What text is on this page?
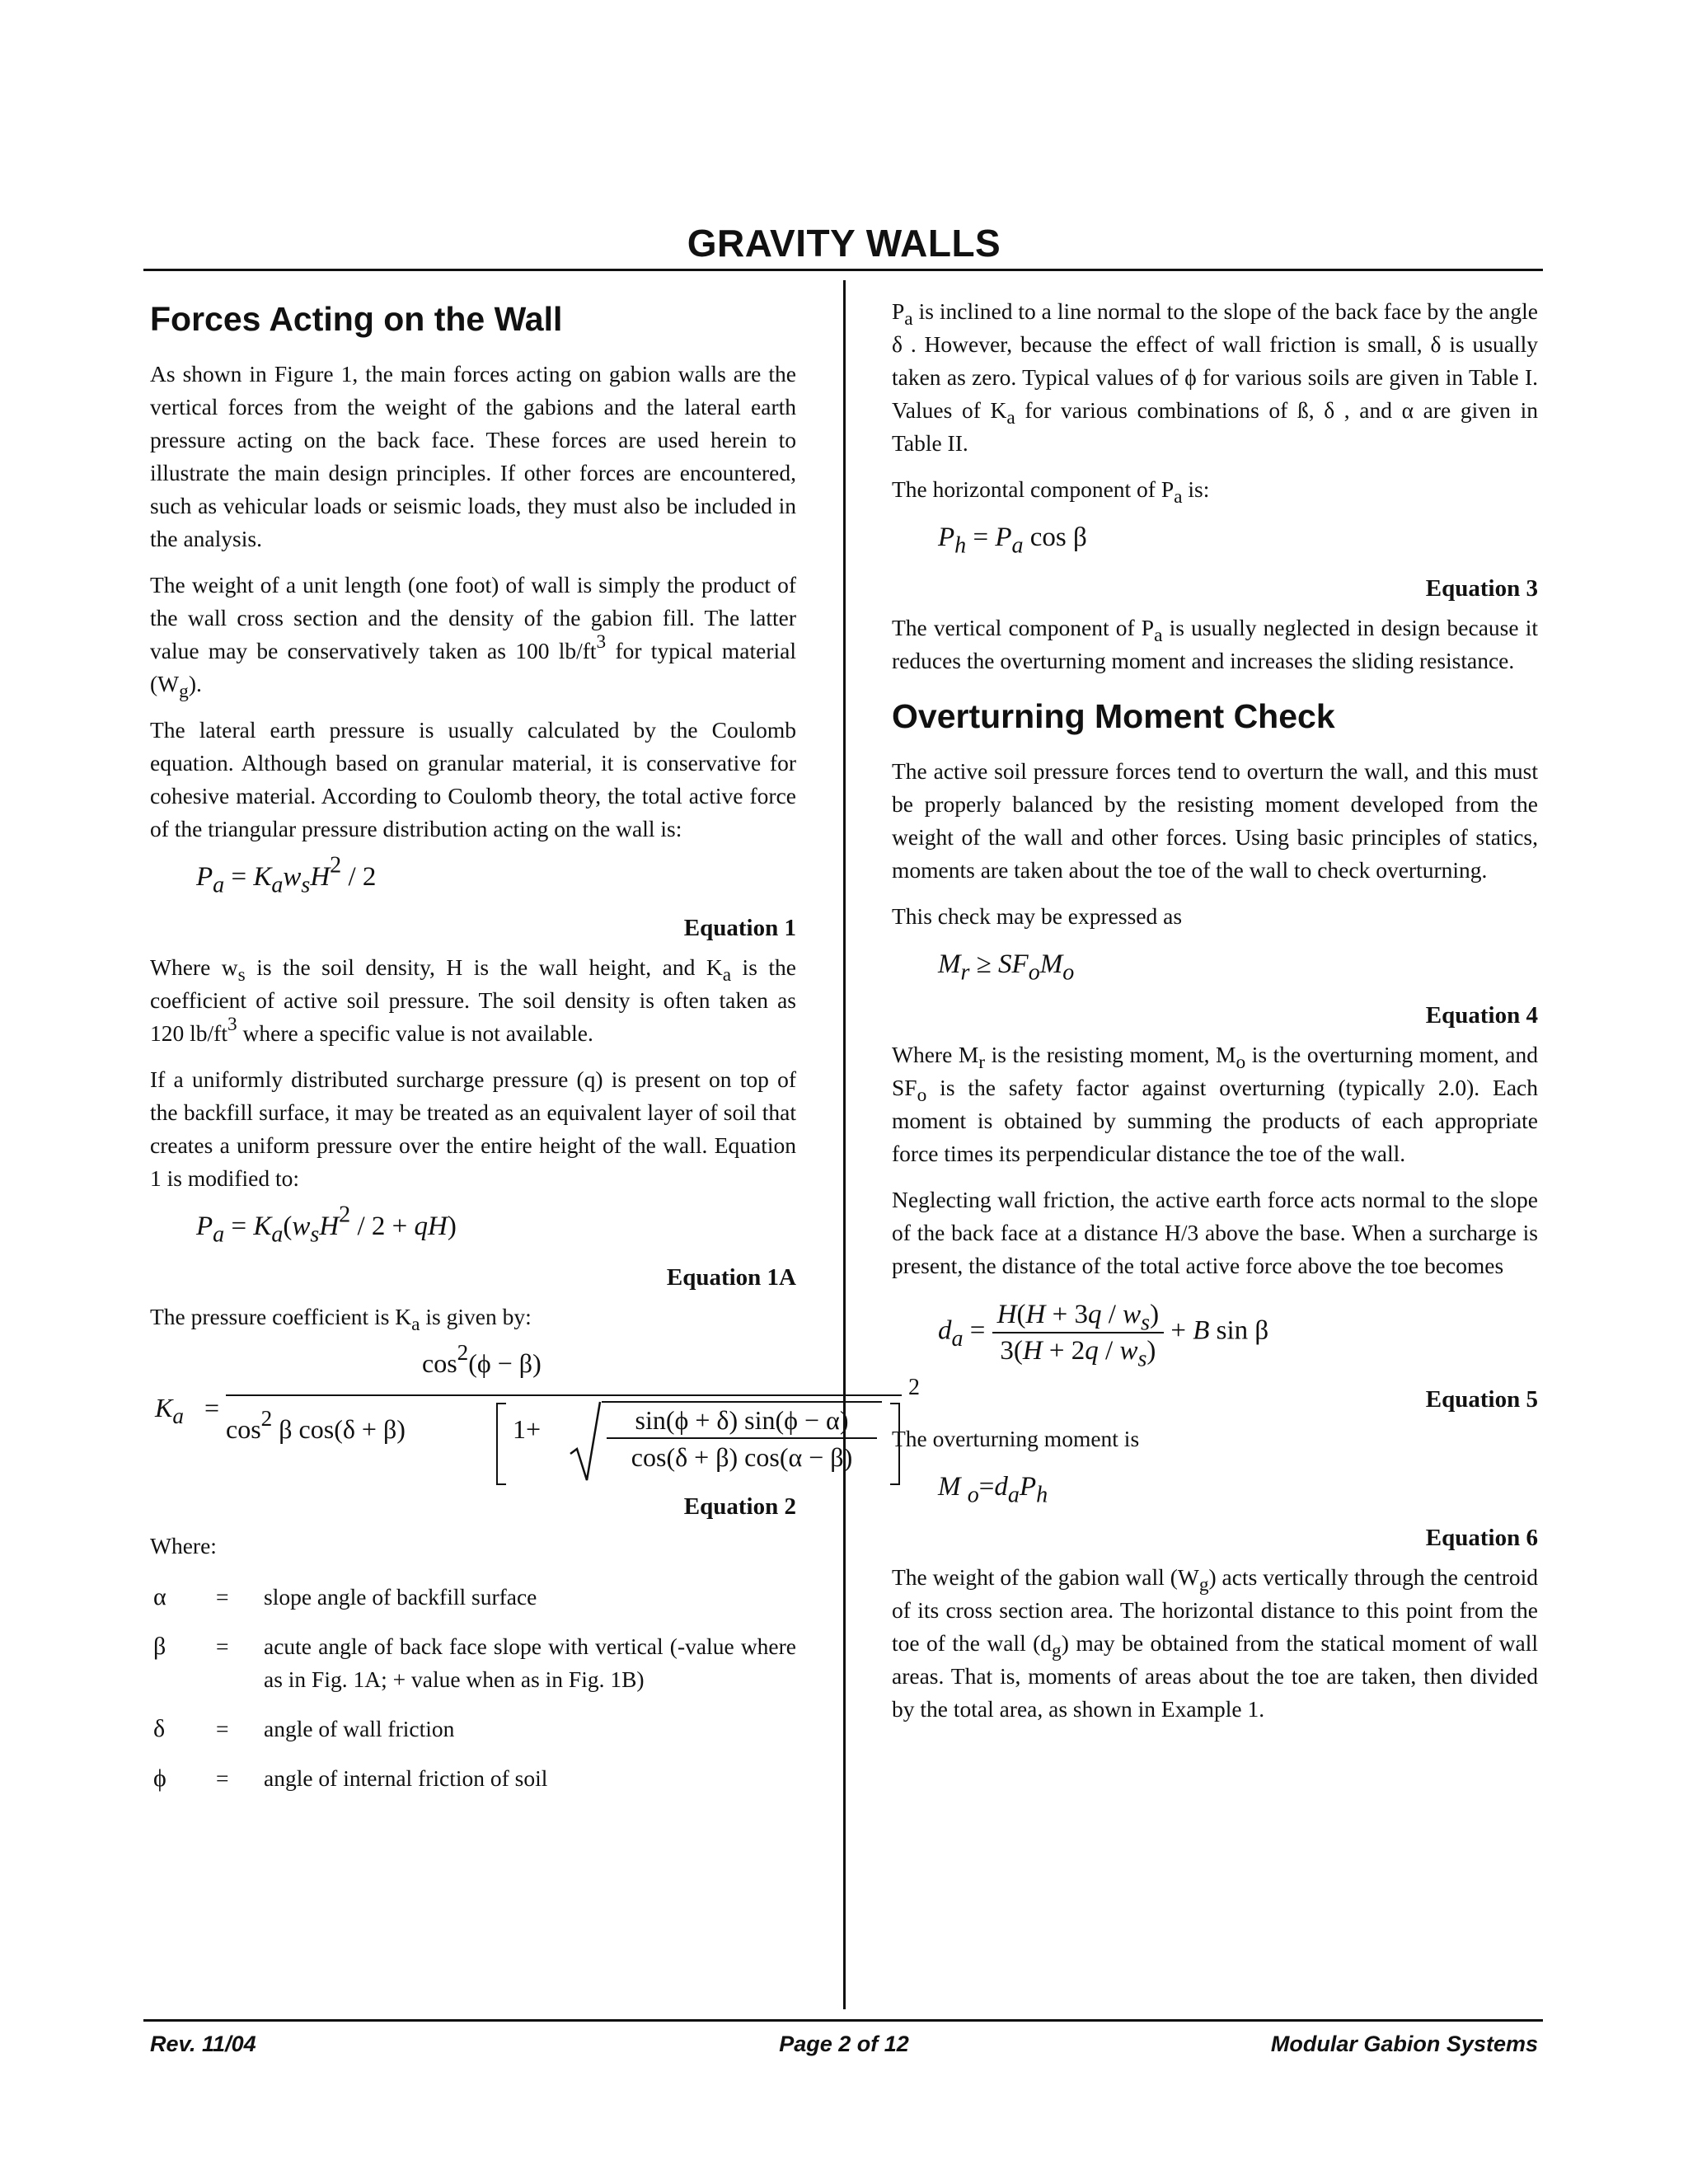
GRAVITY WALLS
Forces Acting on the Wall

As shown in Figure 1, the main forces acting on gabion walls are the vertical forces from the weight of the gabions and the lateral earth pressure acting on the back face. These forces are used herein to illustrate the main design principles. If other forces are encountered, such as vehicular loads or seismic loads, they must also be included in the analysis.

The weight of a unit length (one foot) of wall is simply the product of the wall cross section and the density of the gabion fill. The latter value may be conservatively taken as 100 $lb/ft^3$ for typical material $(W_g)$.

The lateral earth pressure is usually calculated by the Coulomb equation. Although based on granular material, it is conservative for cohesive material. According to Coulomb theory, the total active force of the triangular pressure distribution acting on the wall is:

$P_a = K_aw_sH^2 / 2$
Equation 1

Where $w_s$ is the soil density, H is the wall height, and $K_a$ is the coefficient of active soil pressure. The soil density is often taken as 120 $lb/ft^3$ where a specific value is not available.

If a uniformly distributed surcharge pressure (q) is present on top of the backfill surface, it may be treated as an equivalent layer of soil that creates a uniform pressure over the entire height of the wall. Equation 1 is modified to:

$P_a = K_a(w_sH^2 / 2 + qH)$
Equation 1A

The pressure coefficient is $K_a$ is given by:

$K_a$ =
$\cos^2(\phi - \beta)$
2
$\cos^2 \beta$ cos(δ + β)	1+	sin(ϕ + δ) sin(ϕ − α)
cos(δ + β) cos(α − β)
Equation 2

Where:

α = slope angle of backfill surface
β = acute angle of back face slope with vertical (-value where as in Fig. 1A; + value when as in Fig. 1B)
δ = angle of wall friction
ϕ = angle of internal friction of soil

$P_a$ is inclined to a line normal to the slope of the back face by the angle δ . However, because the effect of wall friction is small, δ is usually taken as zero. Typical values of ϕ for various soils are given in Table I. Values of $K_a$ for various combinations of ß, δ , and α are given in Table II.

The horizontal component of $P_a$ is:

$P_h = P_a$ cos β
Equation 3

The vertical component of $P_a$ is usually neglected in design because it reduces the overturning moment and increases the sliding resistance.

Overturning Moment Check

The active soil pressure forces tend to overturn the wall, and this must be properly balanced by the resisting moment developed from the weight of the wall and other forces. Using basic principles of statics, moments are taken about the toe of the wall to check overturning.

This check may be expressed as

$M_r \ge SF_oM_o$
Equation 4

Where $M_r$ is the resisting moment, $M_o$ is the overturning moment, and $SF_o$ is the safety factor against overturning (typically 2.0). Each moment is obtained by summing the products of each appropriate force times its perpendicular distance the toe of the wall.

Neglecting wall friction, the active earth force acts normal to the slope of the back face at a distance H/3 above the base. When a surcharge is present, the distance of the total active force above the toe becomes

$d_a = \frac{H(H + 3q / w_s)}{3(H + 2q / w_s)} + B$ sin β
Equation 5

The overturning moment is

M $_o=d_aP_h$
Equation 6

The weight of the gabion wall $(W_g)$ acts vertically through the centroid of its cross section area. The horizontal distance to this point from the toe of the wall $(d_g)$ may be obtained from the statical moment of wall areas. That is, moments of areas about the toe are taken, then divided by the total area, as shown in Example 1.

Rev. 11/04	Page 2 of 12	Modular Gabion Systems
